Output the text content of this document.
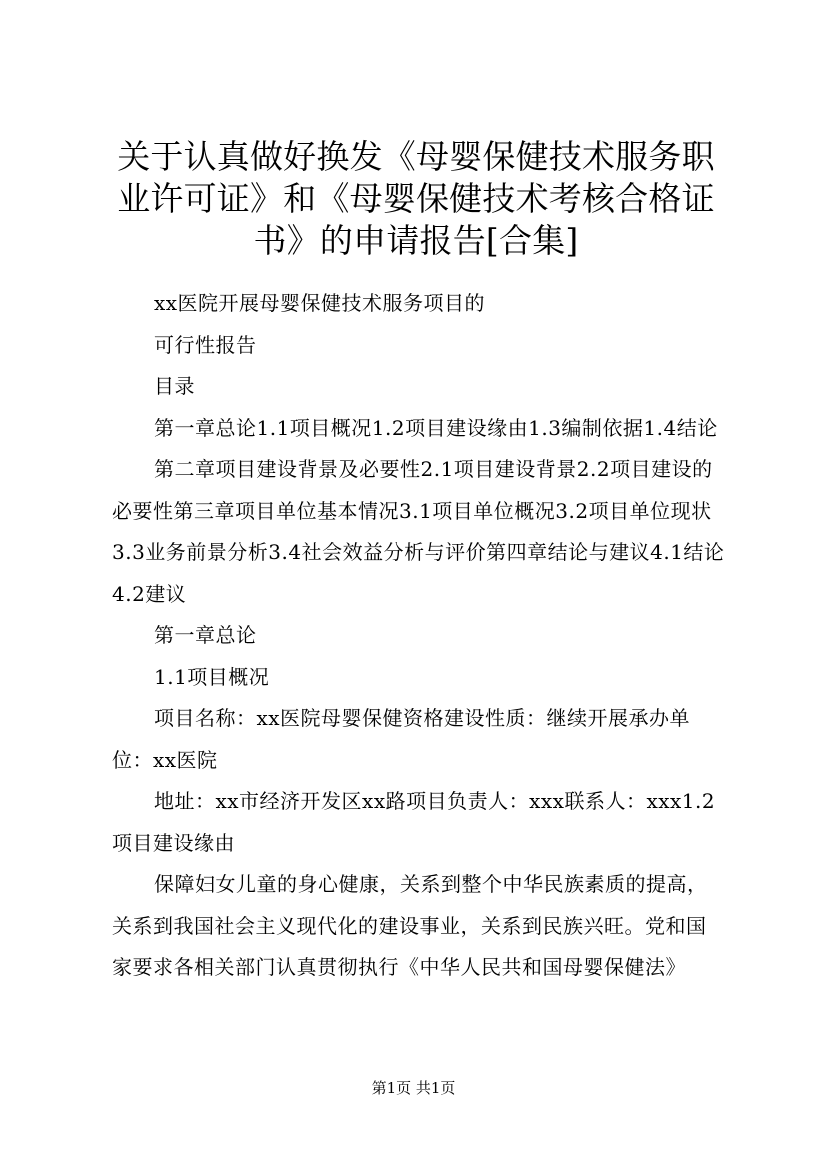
关于认真做好换发《母婴保健技术服务职业许可证》和《母婴保健技术考核合格证书》的申请报告[合集]

xx医院开展母婴保健技术服务项目的

可行性报告

目录

第一章总论1.1项目概况1.2项目建设缘由1.3编制依据1.4结论

第二章项目建设背景及必要性2.1项目建设背景2.2项目建设的必要性第三章项目单位基本情况3.1项目单位概况3.2项目单位现状3.3业务前景分析3.4社会效益分析与评价第四章结论与建议4.1结论4.2建议

第一章总论

1.1项目概况

项目名称：xx医院母婴保健资格建设性质：继续开展承办单位：xx医院

地址：xx市经济开发区xx路项目负责人：xxx联系人：xxx1.2项目建设缘由

保障妇女儿童的身心健康，关系到整个中华民族素质的提高，关系到我国社会主义现代化的建设事业，关系到民族兴旺。党和国家要求各相关部门认真贯彻执行《中华人民共和国母婴保健法》

第1页 共1页
